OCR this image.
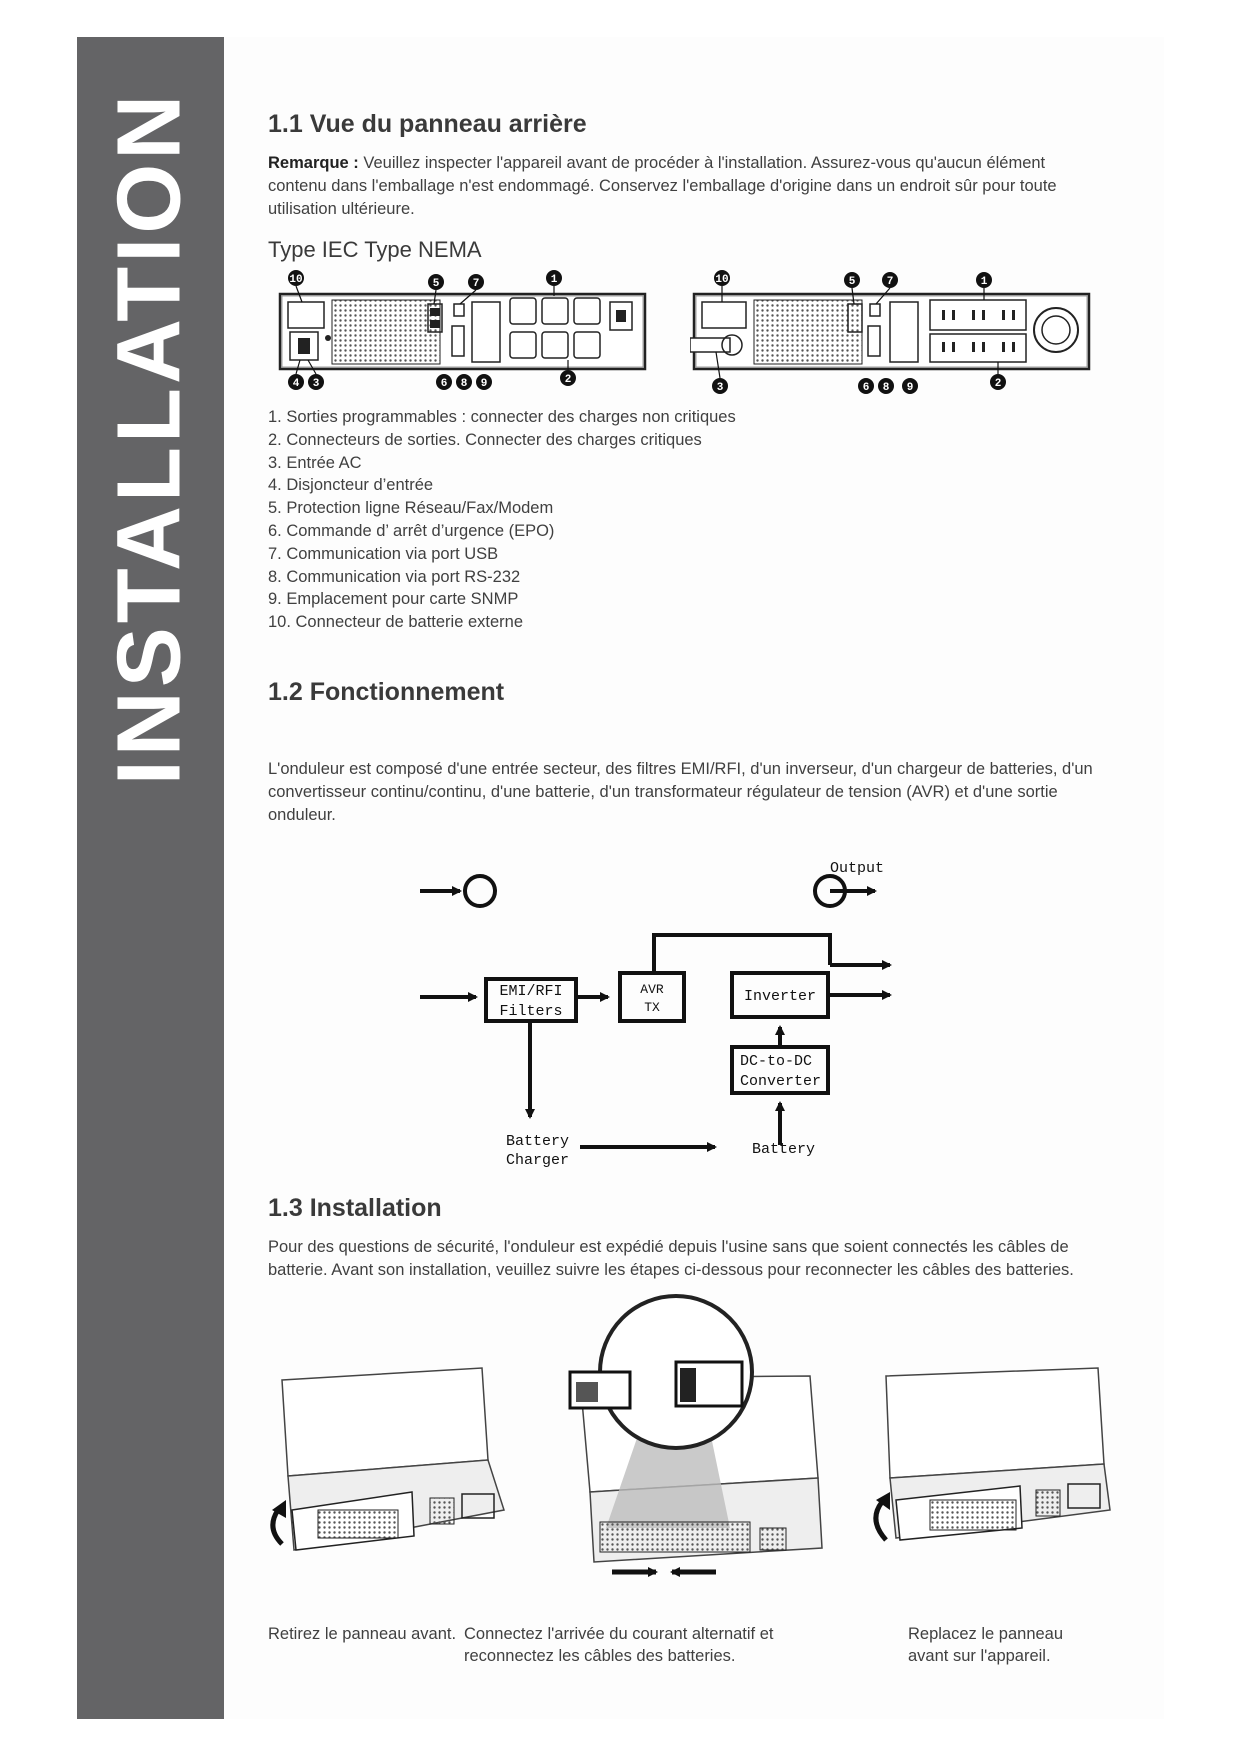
INSTALLATION	1.1 Vue du panneau arrière
Remarque : Veuillez inspecter l'appareil avant de procéder à l'installation. Assurez-vous qu'aucun élément contenu dans l'emballage n'est endommagé. Conservez l'emballage d'origine dans un endroit sûr pour toute utilisation ultérieure.
Type IEC Type NEMA
10	5	7	1
4 3	6 8 9	2
10	5	7	1
3	6 8 9	2
1. Sorties programmables : connecter des charges non critiques
2. Connecteurs de sorties. Connecter des charges critiques
3. Entrée AC
4. Disjoncteur d’entrée
5. Protection ligne Réseau/Fax/Modem
6. Commande d’ arrêt d’urgence (EPO)
7. Communication via port USB
8. Communication via port RS-232
9. Emplacement pour carte SNMP
10. Connecteur de batterie externe
1.2 Fonctionnement
L'onduleur est composé d'une entrée secteur, des filtres EMI/RFI, d'un inverseur, d'un chargeur de batteries, d'un convertisseur continu/continu, d'une batterie, d'un transformateur régulateur de tension (AVR) et d'une sortie onduleur.
Output
EMI/RFI
Filters
AVR
TX
Inverter
DC-to-DC
Converter
Battery
Charger
Battery
1.3 Installation
Pour des questions de sécurité, l'onduleur est expédié depuis l'usine sans que soient connectés les câbles de batterie. Avant son installation, veuillez suivre les étapes ci-dessous pour reconnecter les câbles des batteries.
Retirez le panneau avant. Connectez l'arrivée du courant alternatif et reconnectez les câbles des batteries.
Replacez le panneau avant sur l'appareil.
